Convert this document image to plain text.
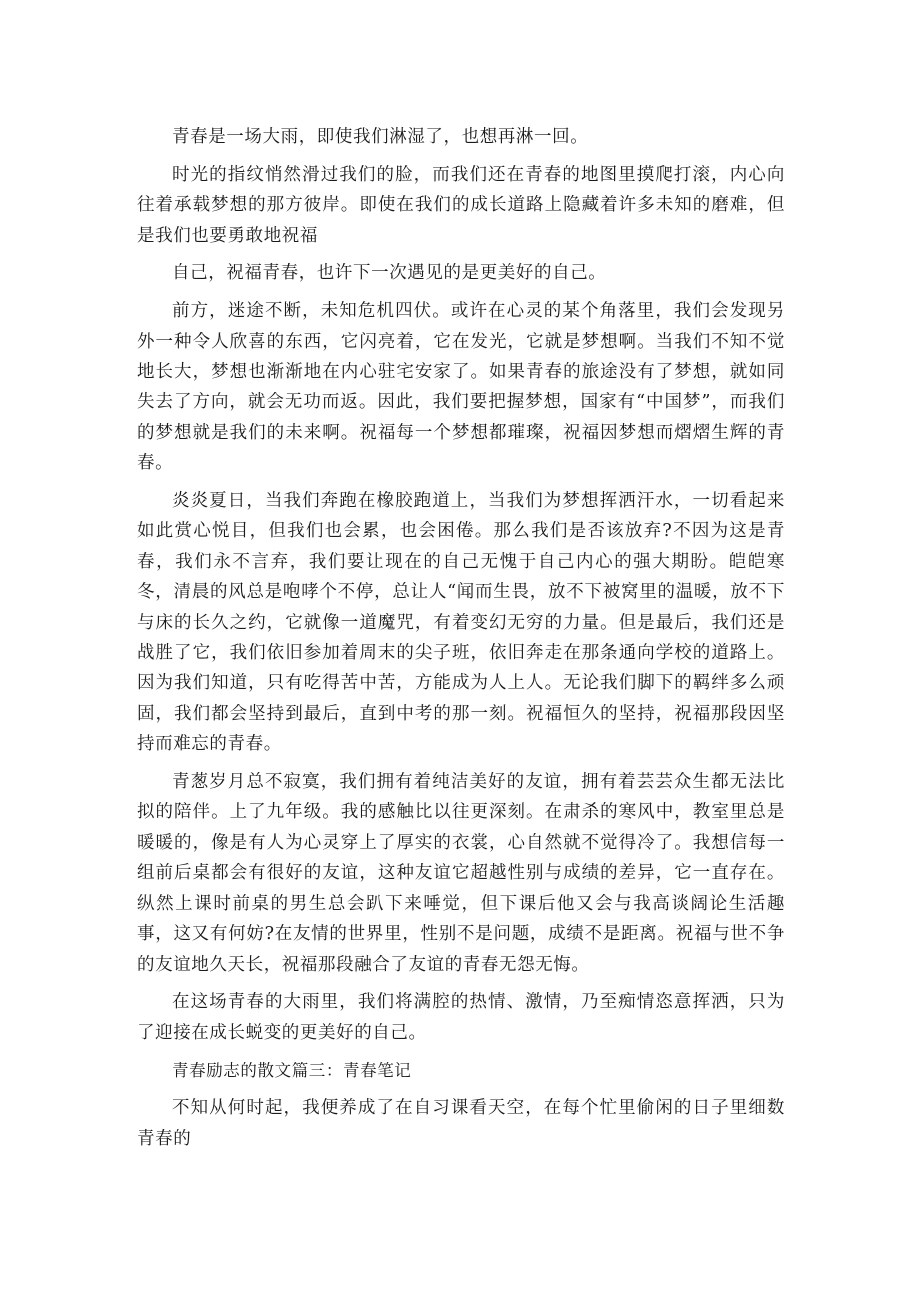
青春是一场大雨，即使我们淋湿了，也想再淋一回。

时光的指纹悄然滑过我们的脸，而我们还在青春的地图里摸爬打滚，内心向往着承载梦想的那方彼岸。即使在我们的成长道路上隐藏着许多未知的磨难，但是我们也要勇敢地祝福

自己，祝福青春，也许下一次遇见的是更美好的自己。

前方，迷途不断，未知危机四伏。或许在心灵的某个角落里，我们会发现另外一种令人欣喜的东西，它闪亮着，它在发光，它就是梦想啊。当我们不知不觉地长大，梦想也渐渐地在内心驻宅安家了。如果青春的旅途没有了梦想，就如同失去了方向，就会无功而返。因此，我们要把握梦想，国家有“中国梦”，而我们的梦想就是我们的未来啊。祝福每一个梦想都璀璨，祝福因梦想而熠熠生辉的青春。

炎炎夏日，当我们奔跑在橡胶跑道上，当我们为梦想挥洒汗水，一切看起来如此赏心悦目，但我们也会累，也会困倦。那么我们是否该放弃?不因为这是青春，我们永不言弃，我们要让现在的自己无愧于自己内心的强大期盼。皑皑寒冬，清晨的风总是咆哮个不停，总让人“闻而生畏，放不下被窝里的温暖，放不下与床的长久之约，它就像一道魔咒，有着变幻无穷的力量。但是最后，我们还是战胜了它，我们依旧参加着周末的尖子班，依旧奔走在那条通向学校的道路上。因为我们知道，只有吃得苦中苦，方能成为人上人。无论我们脚下的羁绊多么顽固，我们都会坚持到最后，直到中考的那一刻。祝福恒久的坚持，祝福那段因坚持而难忘的青春。

青葱岁月总不寂寞，我们拥有着纯洁美好的友谊，拥有着芸芸众生都无法比拟的陪伴。上了九年级。我的感触比以往更深刻。在肃杀的寒风中，教室里总是暖暖的，像是有人为心灵穿上了厚实的衣裳，心自然就不觉得冷了。我想信每一组前后桌都会有很好的友谊，这种友谊它超越性别与成绩的差异，它一直存在。纵然上课时前桌的男生总会趴下来唾觉，但下课后他又会与我高谈阔论生活趣事，这又有何妨?在友情的世界里，性别不是问题，成绩不是距离。祝福与世不争的友谊地久天长，祝福那段融合了友谊的青春无怨无悔。

在这场青春的大雨里，我们将满腔的热情、激情，乃至痴情恣意挥洒，只为了迎接在成长蜕变的更美好的自己。

青春励志的散文篇三：青春笔记

不知从何时起，我便养成了在自习课看天空，在每个忙里偷闲的日子里细数青春的
